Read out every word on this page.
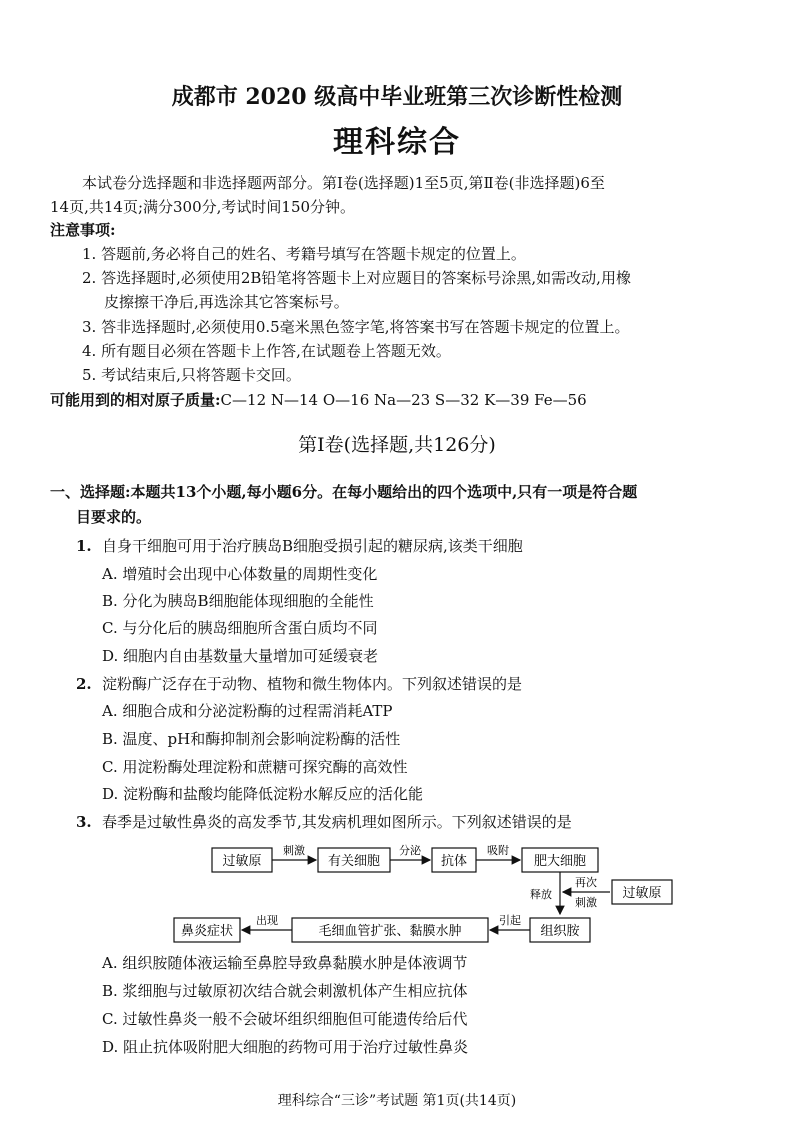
成都市 2020 级高中毕业班第三次诊断性检测
理科综合
本试卷分选择题和非选择题两部分。第Ⅰ卷(选择题)1至5页,第Ⅱ卷(非选择题)6至
14页,共14页;满分300分,考试时间150分钟。
注意事项:
1. 答题前,务必将自己的姓名、考籍号填写在答题卡规定的位置上。
2. 答选择题时,必须使用2B铅笔将答题卡上对应题目的答案标号涂黑,如需改动,用橡
皮擦擦干净后,再选涂其它答案标号。
3. 答非选择题时,必须使用0.5毫米黑色签字笔,将答案书写在答题卡规定的位置上。
4. 所有题目必须在答题卡上作答,在试题卷上答题无效。
5. 考试结束后,只将答题卡交回。
可能用到的相对原子质量:C—12 N—14 O—16 Na—23 S—32 K—39 Fe—56
第Ⅰ卷(选择题,共126分)
一、选择题:本题共13个小题,每小题6分。在每小题给出的四个选项中,只有一项是符合题
目要求的。
1. 自身干细胞可用于治疗胰岛B细胞受损引起的糖尿病,该类干细胞
A. 增殖时会出现中心体数量的周期性变化
B. 分化为胰岛B细胞能体现细胞的全能性
C. 与分化后的胰岛细胞所含蛋白质均不同
D. 细胞内自由基数量大量增加可延缓衰老
2. 淀粉酶广泛存在于动物、植物和微生物体内。下列叙述错误的是
A. 细胞合成和分泌淀粉酶的过程需消耗ATP
B. 温度、pH和酶抑制剂会影响淀粉酶的活性
C. 用淀粉酶处理淀粉和蔗糖可探究酶的高效性
D. 淀粉酶和盐酸均能降低淀粉水解反应的活化能
3. 春季是过敏性鼻炎的高发季节,其发病机理如图所示。下列叙述错误的是
过敏原	有关细胞	抗体	肥大细胞
刺激	分泌	吸附
释放	过敏原
再次
刺激
组织胺
毛细血管扩张、黏膜水肿
鼻炎症状
引起
出现
A. 组织胺随体液运输至鼻腔导致鼻黏膜水肿是体液调节
B. 浆细胞与过敏原初次结合就会刺激机体产生相应抗体
C. 过敏性鼻炎一般不会破坏组织细胞但可能遗传给后代
D. 阻止抗体吸附肥大细胞的药物可用于治疗过敏性鼻炎
理科综合“三诊”考试题 第1页(共14页)
